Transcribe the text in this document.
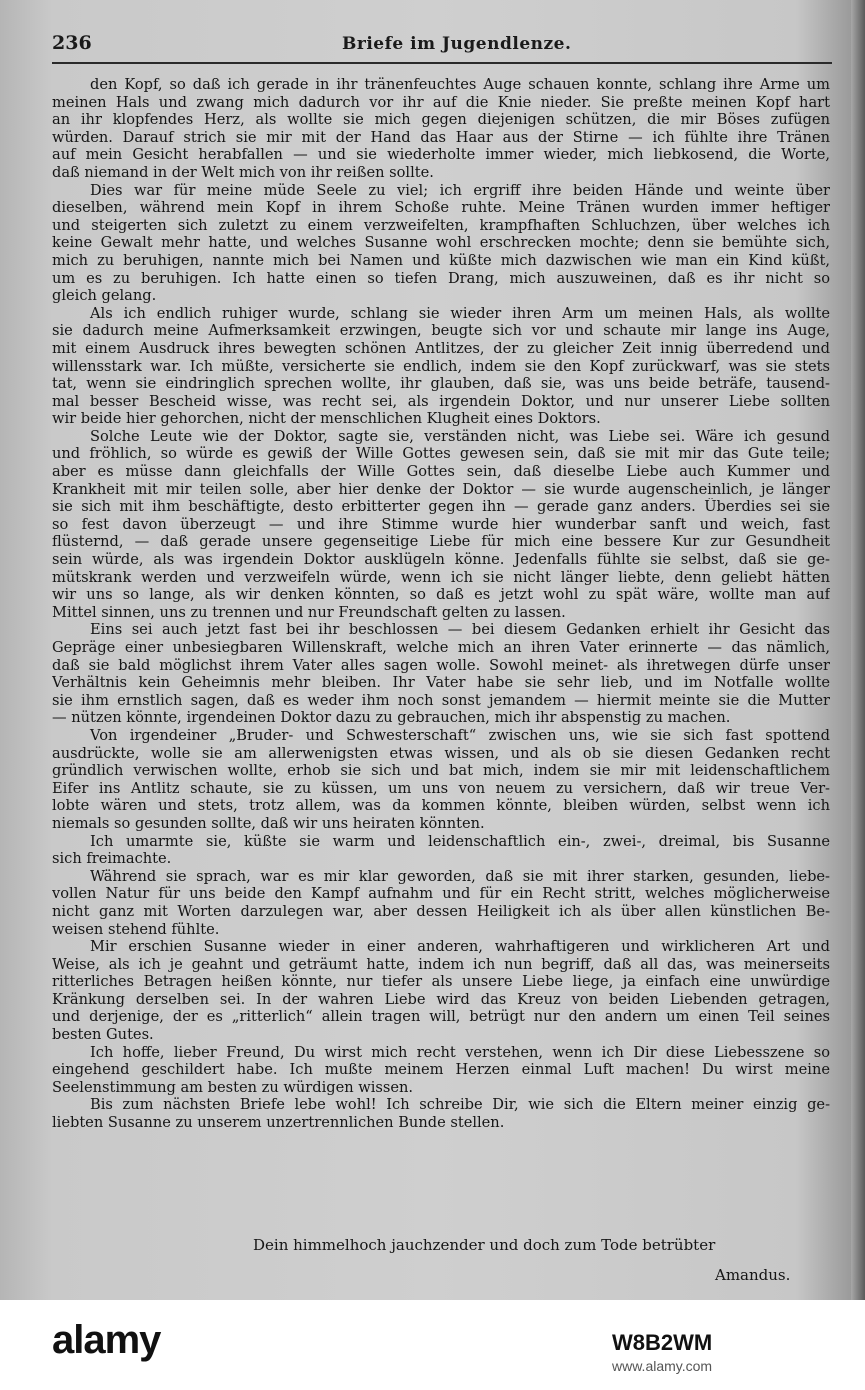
236	Briefe im Jugendlenze.
den Kopf, so daß ich gerade in ihr tränenfeuchtes Auge schauen konnte, schlang ihre Arme um
meinen Hals und zwang mich dadurch vor ihr auf die Knie nieder. Sie preßte meinen Kopf hart
an ihr klopfendes Herz, als wollte sie mich gegen diejenigen schützen, die mir Böses zufügen
würden. Darauf strich sie mir mit der Hand das Haar aus der Stirne — ich fühlte ihre Tränen
auf mein Gesicht herabfallen — und sie wiederholte immer wieder, mich liebkosend, die Worte,
daß niemand in der Welt mich von ihr reißen sollte.
Dies war für meine müde Seele zu viel; ich ergriff ihre beiden Hände und weinte über
dieselben, während mein Kopf in ihrem Schoße ruhte. Meine Tränen wurden immer heftiger
und steigerten sich zuletzt zu einem verzweifelten, krampfhaften Schluchzen, über welches ich
keine Gewalt mehr hatte, und welches Susanne wohl erschrecken mochte; denn sie bemühte sich,
mich zu beruhigen, nannte mich bei Namen und küßte mich dazwischen wie man ein Kind küßt,
um es zu beruhigen. Ich hatte einen so tiefen Drang, mich auszuweinen, daß es ihr nicht so
gleich gelang.
Als ich endlich ruhiger wurde, schlang sie wieder ihren Arm um meinen Hals, als wollte
sie dadurch meine Aufmerksamkeit erzwingen, beugte sich vor und schaute mir lange ins Auge,
mit einem Ausdruck ihres bewegten schönen Antlitzes, der zu gleicher Zeit innig überredend und
willensstark war. Ich müßte, versicherte sie endlich, indem sie den Kopf zurückwarf, was sie stets
tat, wenn sie eindringlich sprechen wollte, ihr glauben, daß sie, was uns beide beträfe, tausend-
mal besser Bescheid wisse, was recht sei, als irgendein Doktor, und nur unserer Liebe sollten
wir beide hier gehorchen, nicht der menschlichen Klugheit eines Doktors.
Solche Leute wie der Doktor, sagte sie, verständen nicht, was Liebe sei. Wäre ich gesund
und fröhlich, so würde es gewiß der Wille Gottes gewesen sein, daß sie mit mir das Gute teile;
aber es müsse dann gleichfalls der Wille Gottes sein, daß dieselbe Liebe auch Kummer und
Krankheit mit mir teilen solle, aber hier denke der Doktor — sie wurde augenscheinlich, je länger
sie sich mit ihm beschäftigte, desto erbitterter gegen ihn — gerade ganz anders. Überdies sei sie
so fest davon überzeugt — und ihre Stimme wurde hier wunderbar sanft und weich, fast
flüsternd, — daß gerade unsere gegenseitige Liebe für mich eine bessere Kur zur Gesundheit
sein würde, als was irgendein Doktor ausklügeln könne. Jedenfalls fühlte sie selbst, daß sie ge-
mütskrank werden und verzweifeln würde, wenn ich sie nicht länger liebte, denn geliebt hätten
wir uns so lange, als wir denken könnten, so daß es jetzt wohl zu spät wäre, wollte man auf
Mittel sinnen, uns zu trennen und nur Freundschaft gelten zu lassen.
Eins sei auch jetzt fast bei ihr beschlossen — bei diesem Gedanken erhielt ihr Gesicht das
Gepräge einer unbesiegbaren Willenskraft, welche mich an ihren Vater erinnerte — das nämlich,
daß sie bald möglichst ihrem Vater alles sagen wolle. Sowohl meinet- als ihretwegen dürfe unser
Verhältnis kein Geheimnis mehr bleiben. Ihr Vater habe sie sehr lieb, und im Notfalle wollte
sie ihm ernstlich sagen, daß es weder ihm noch sonst jemandem — hiermit meinte sie die Mutter
— nützen könnte, irgendeinen Doktor dazu zu gebrauchen, mich ihr abspenstig zu machen.
Von irgendeiner „Bruder- und Schwesterschaft“ zwischen uns, wie sie sich fast spottend
ausdrückte, wolle sie am allerwenigsten etwas wissen, und als ob sie diesen Gedanken recht
gründlich verwischen wollte, erhob sie sich und bat mich, indem sie mir mit leidenschaftlichem
Eifer ins Antlitz schaute, sie zu küssen, um uns von neuem zu versichern, daß wir treue Ver-
lobte wären und stets, trotz allem, was da kommen könnte, bleiben würden, selbst wenn ich
niemals so gesunden sollte, daß wir uns heiraten könnten.
Ich umarmte sie, küßte sie warm und leidenschaftlich ein-, zwei-, dreimal, bis Susanne
sich freimachte.
Während sie sprach, war es mir klar geworden, daß sie mit ihrer starken, gesunden, liebe-
vollen Natur für uns beide den Kampf aufnahm und für ein Recht stritt, welches möglicherweise
nicht ganz mit Worten darzulegen war, aber dessen Heiligkeit ich als über allen künstlichen Be-
weisen stehend fühlte.
Mir erschien Susanne wieder in einer anderen, wahrhaftigeren und wirklicheren Art und
Weise, als ich je geahnt und geträumt hatte, indem ich nun begriff, daß all das, was meinerseits
ritterliches Betragen heißen könnte, nur tiefer als unsere Liebe liege, ja einfach eine unwürdige
Kränkung derselben sei. In der wahren Liebe wird das Kreuz von beiden Liebenden getragen,
und derjenige, der es „ritterlich“ allein tragen will, betrügt nur den andern um einen Teil seines
besten Gutes.
Ich hoffe, lieber Freund, Du wirst mich recht verstehen, wenn ich Dir diese Liebesszene so
eingehend geschildert habe. Ich mußte meinem Herzen einmal Luft machen! Du wirst meine
Seelenstimmung am besten zu würdigen wissen.
Bis zum nächsten Briefe lebe wohl! Ich schreibe Dir, wie sich die Eltern meiner einzig ge-
liebten Susanne zu unserem unzertrennlichen Bunde stellen.
Dein himmelhoch jauchzender und doch zum Tode betrübter
Amandus.
alamy	W8B2WM
www.alamy.com
